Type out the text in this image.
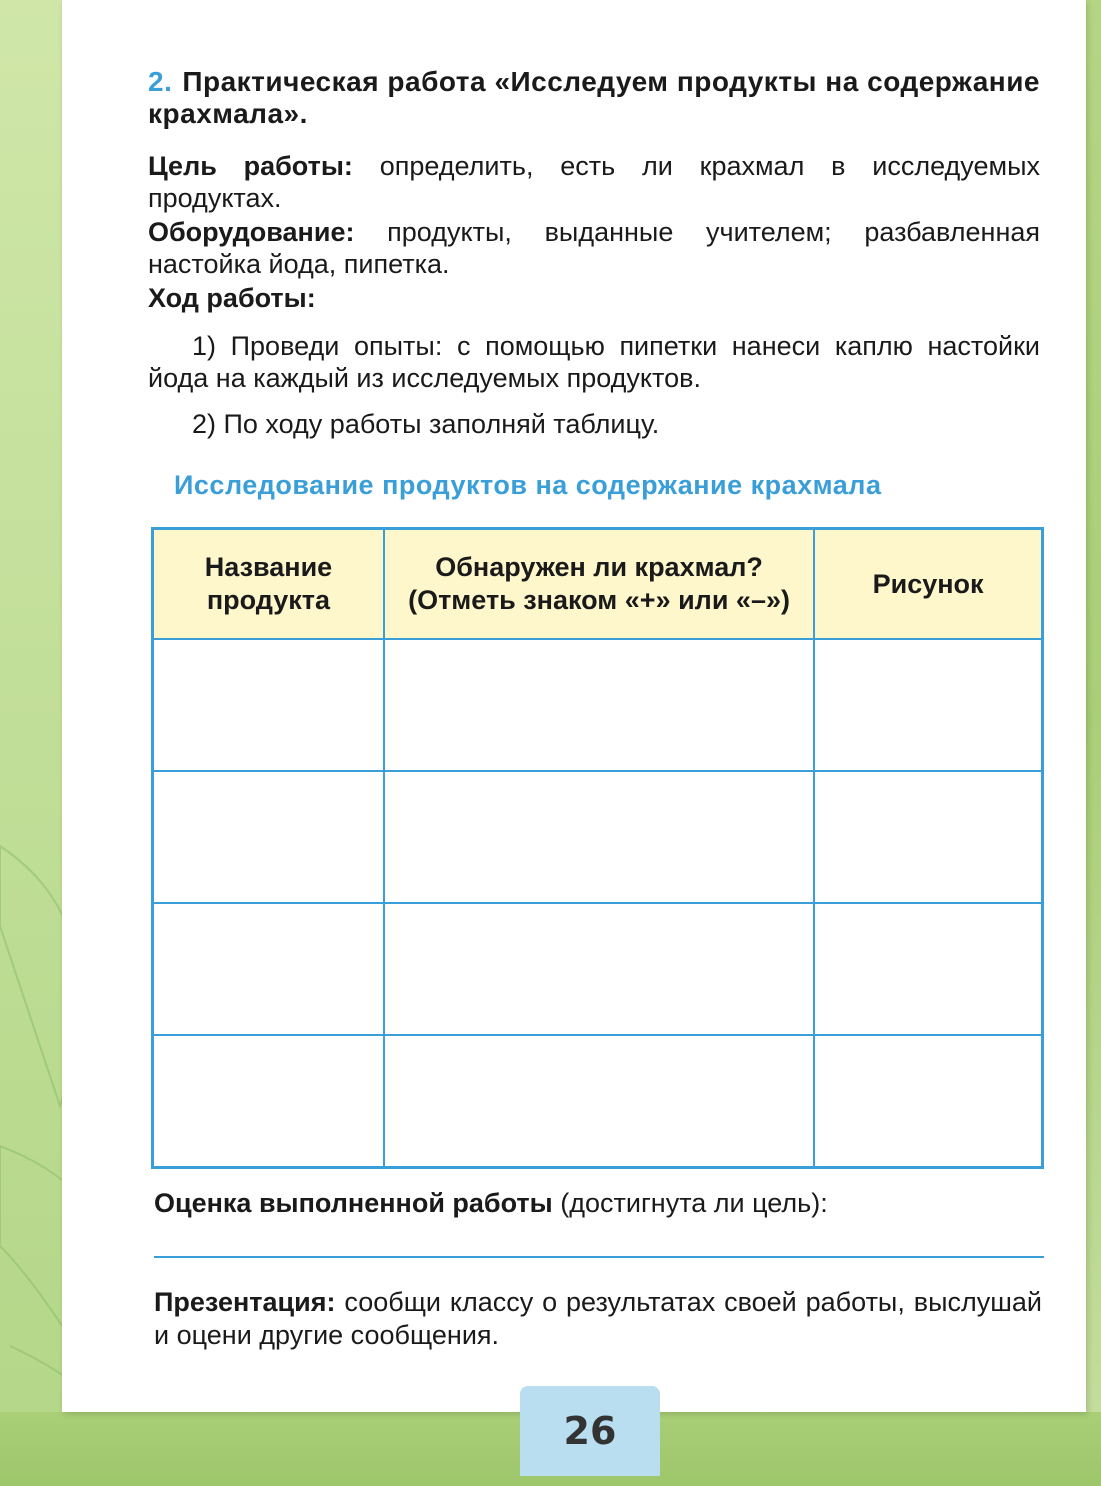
2. Практическая работа «Исследуем продукты на содержание крахмала».
Цель работы: определить, есть ли крахмал в исследуемых продуктах.
Оборудование: продукты, выданные учителем; разбавленная настойка йода, пипетка.
Ход работы:
1) Проведи опыты: с помощью пипетки нанеси каплю настойки йода на каждый из исследуемых продуктов.
2) По ходу работы заполняй таблицу.
Исследование продуктов на содержание крахмала
Название продукта	Обнаружен ли крахмал? (Отметь знаком «+» или «–»)	Рисунок

Оценка выполненной работы (достигнута ли цель):
Презентация: сообщи классу о результатах своей работы, выслушай и оцени другие сообщения.
26
